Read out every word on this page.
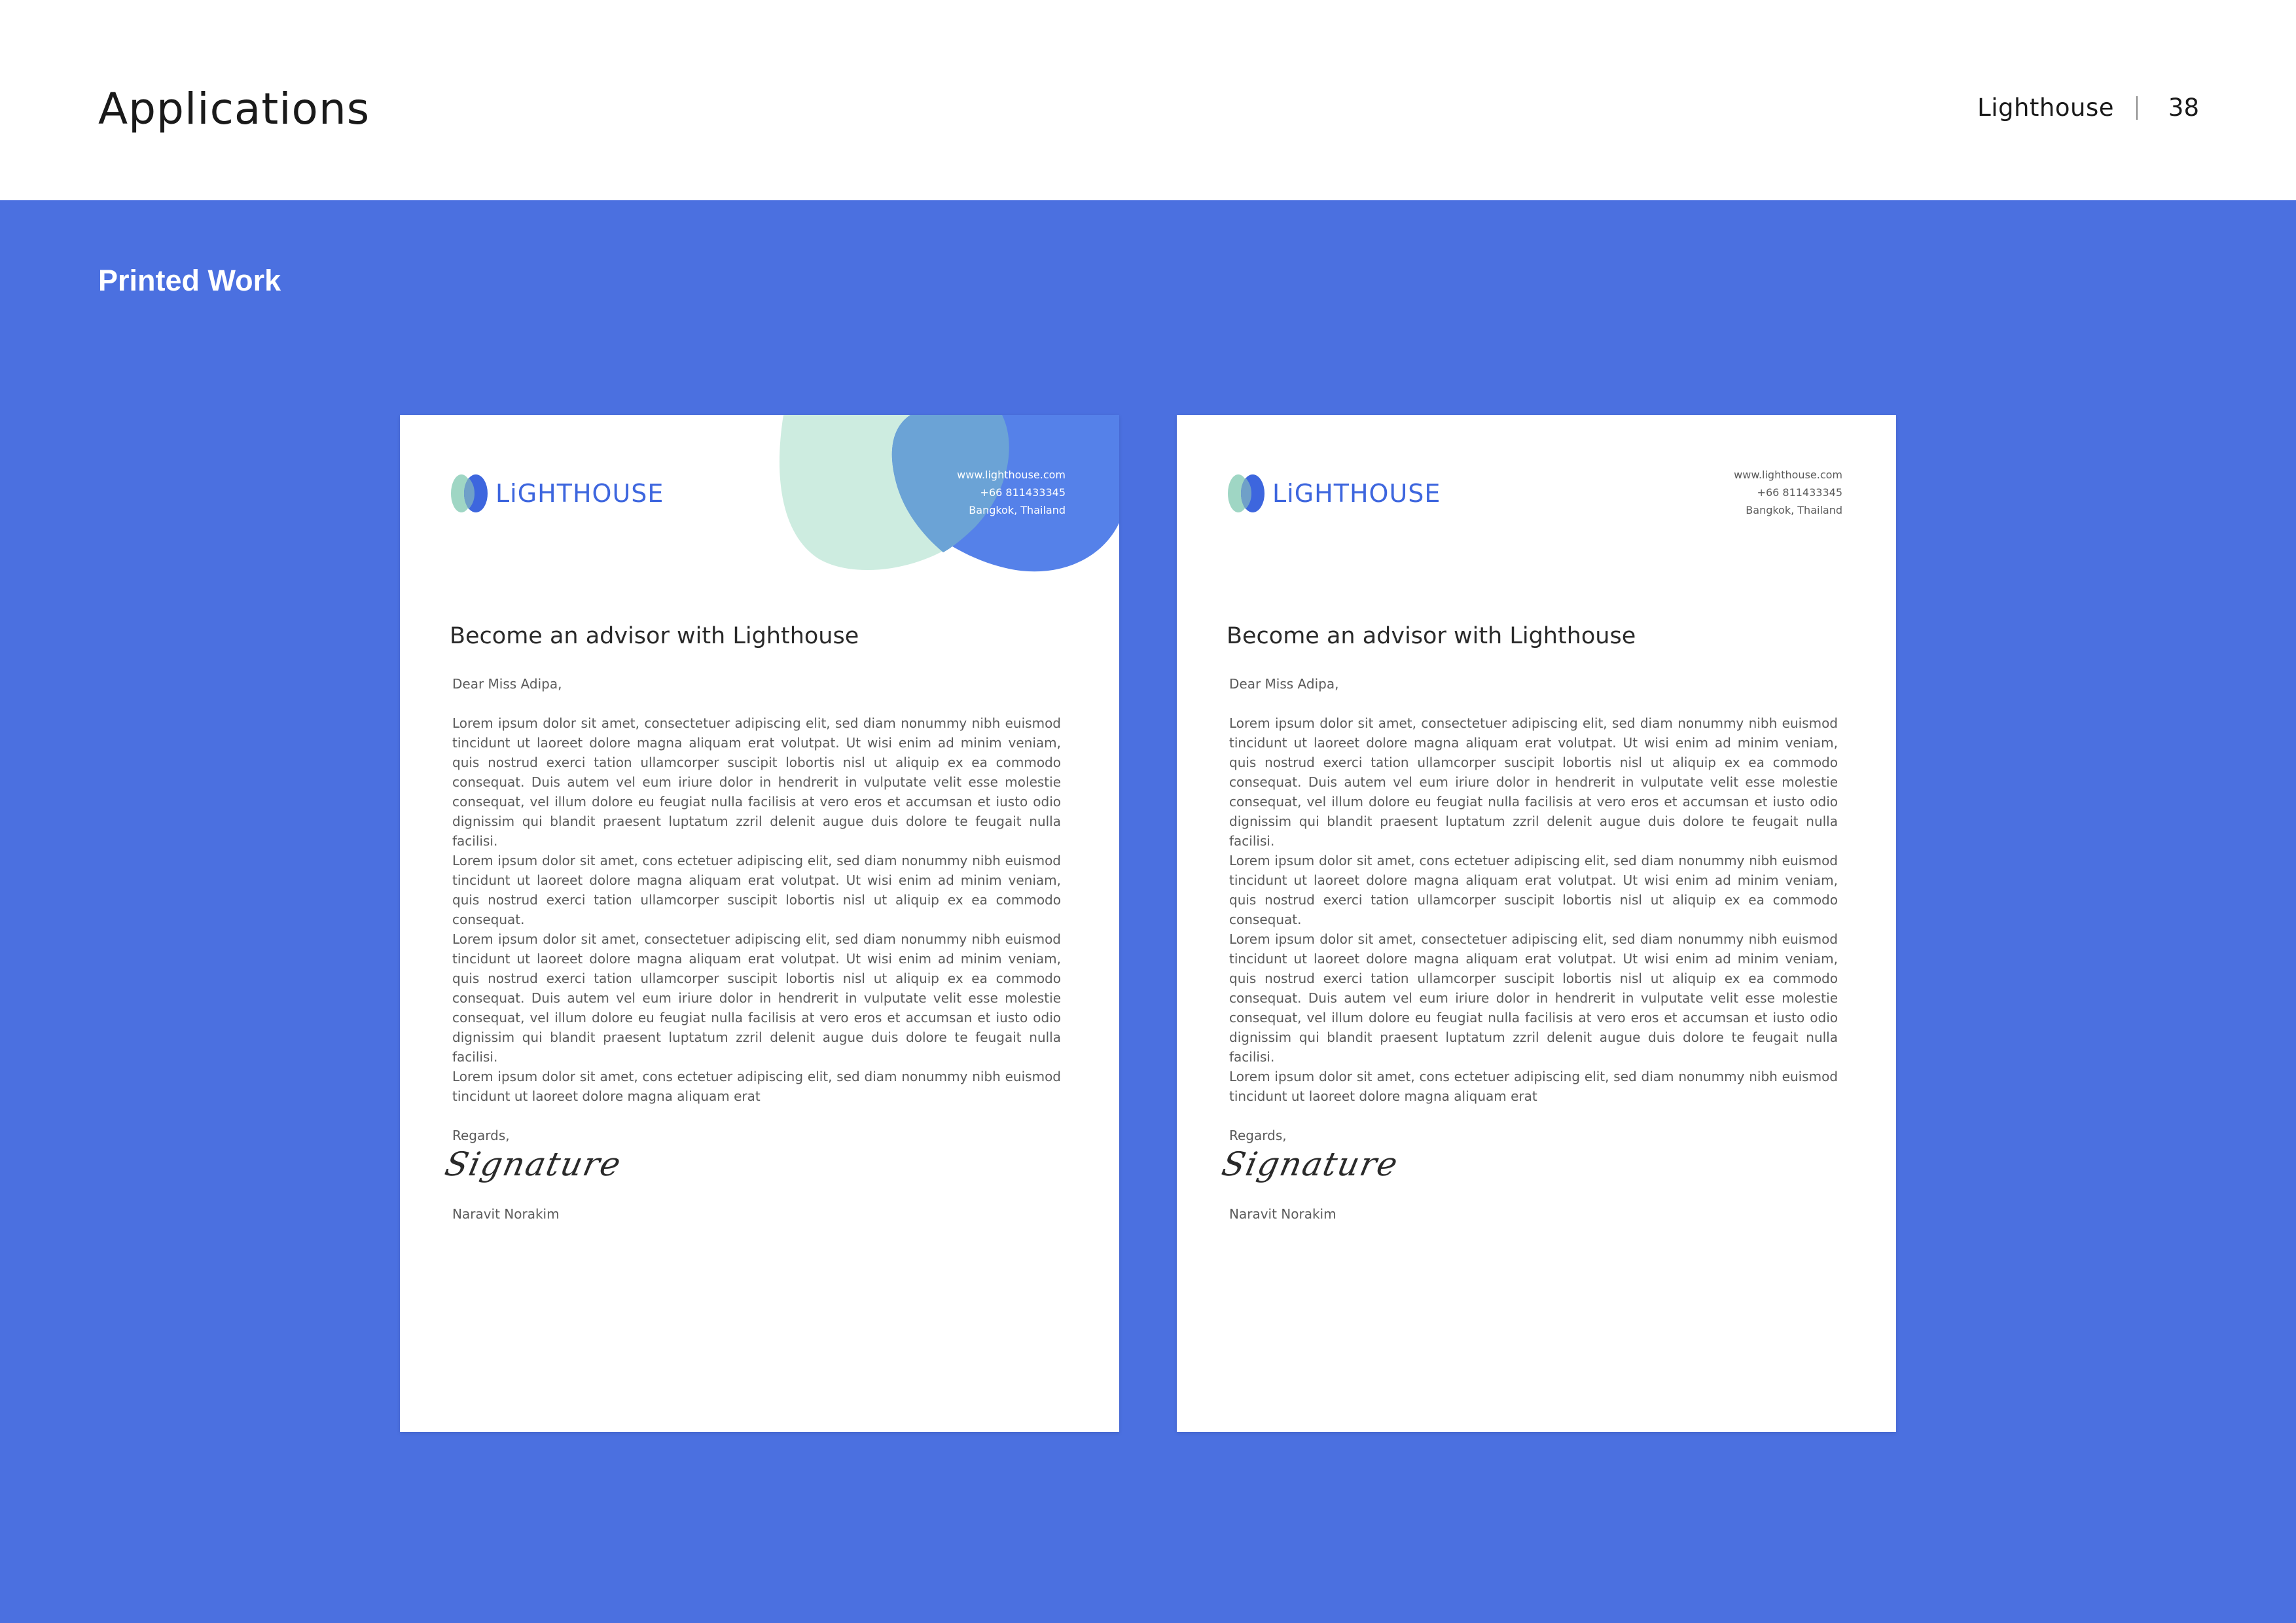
Applications	Lighthouse 38
Printed Work
LiGHTHOUSE
www.lighthouse.com
+66 811433345
Bangkok, Thailand
Become an advisor with Lighthouse
Dear Miss Adipa,
Lorem ipsum dolor sit amet, consectetuer adipiscing elit, sed diam nonummy nibh euismod tincidunt ut laoreet dolore magna aliquam erat volutpat. Ut wisi enim ad minim veniam, quis nostrud exerci tation ullamcorper suscipit lobortis nisl ut aliquip ex ea commodo consequat. Duis autem vel eum iriure dolor in hendrerit in vulputate velit esse molestie consequat, vel illum dolore eu feugiat nulla facilisis at vero eros et accumsan et iusto odio dignissim qui blandit praesent luptatum zzril delenit augue duis dolore te feugait nulla facilisi.
Lorem ipsum dolor sit amet, cons ectetuer adipiscing elit, sed diam nonummy nibh euismod tincidunt ut laoreet dolore magna aliquam erat volutpat. Ut wisi enim ad minim veniam, quis nostrud exerci tation ullamcorper suscipit lobortis nisl ut aliquip ex ea commodo consequat.
Lorem ipsum dolor sit amet, consectetuer adipiscing elit, sed diam nonummy nibh euismod tincidunt ut laoreet dolore magna aliquam erat volutpat. Ut wisi enim ad minim veniam, quis nostrud exerci tation ullamcorper suscipit lobortis nisl ut aliquip ex ea commodo consequat. Duis autem vel eum iriure dolor in hendrerit in vulputate velit esse molestie consequat, vel illum dolore eu feugiat nulla facilisis at vero eros et accumsan et iusto odio dignissim qui blandit praesent luptatum zzril delenit augue duis dolore te feugait nulla facilisi.
Lorem ipsum dolor sit amet, cons ectetuer adipiscing elit, sed diam nonummy nibh euismod tincidunt ut laoreet dolore magna aliquam erat
Regards,
Signature
Naravit Norakim
LiGHTHOUSE
www.lighthouse.com
+66 811433345
Bangkok, Thailand
Become an advisor with Lighthouse
Dear Miss Adipa,
Lorem ipsum dolor sit amet, consectetuer adipiscing elit, sed diam nonummy nibh euismod tincidunt ut laoreet dolore magna aliquam erat volutpat. Ut wisi enim ad minim veniam, quis nostrud exerci tation ullamcorper suscipit lobortis nisl ut aliquip ex ea commodo consequat. Duis autem vel eum iriure dolor in hendrerit in vulputate velit esse molestie consequat, vel illum dolore eu feugiat nulla facilisis at vero eros et accumsan et iusto odio dignissim qui blandit praesent luptatum zzril delenit augue duis dolore te feugait nulla facilisi.
Lorem ipsum dolor sit amet, cons ectetuer adipiscing elit, sed diam nonummy nibh euismod tincidunt ut laoreet dolore magna aliquam erat volutpat. Ut wisi enim ad minim veniam, quis nostrud exerci tation ullamcorper suscipit lobortis nisl ut aliquip ex ea commodo consequat.
Lorem ipsum dolor sit amet, consectetuer adipiscing elit, sed diam nonummy nibh euismod tincidunt ut laoreet dolore magna aliquam erat volutpat. Ut wisi enim ad minim veniam, quis nostrud exerci tation ullamcorper suscipit lobortis nisl ut aliquip ex ea commodo consequat. Duis autem vel eum iriure dolor in hendrerit in vulputate velit esse molestie consequat, vel illum dolore eu feugiat nulla facilisis at vero eros et accumsan et iusto odio dignissim qui blandit praesent luptatum zzril delenit augue duis dolore te feugait nulla facilisi.
Lorem ipsum dolor sit amet, cons ectetuer adipiscing elit, sed diam nonummy nibh euismod tincidunt ut laoreet dolore magna aliquam erat
Regards,
Signature
Naravit Norakim
